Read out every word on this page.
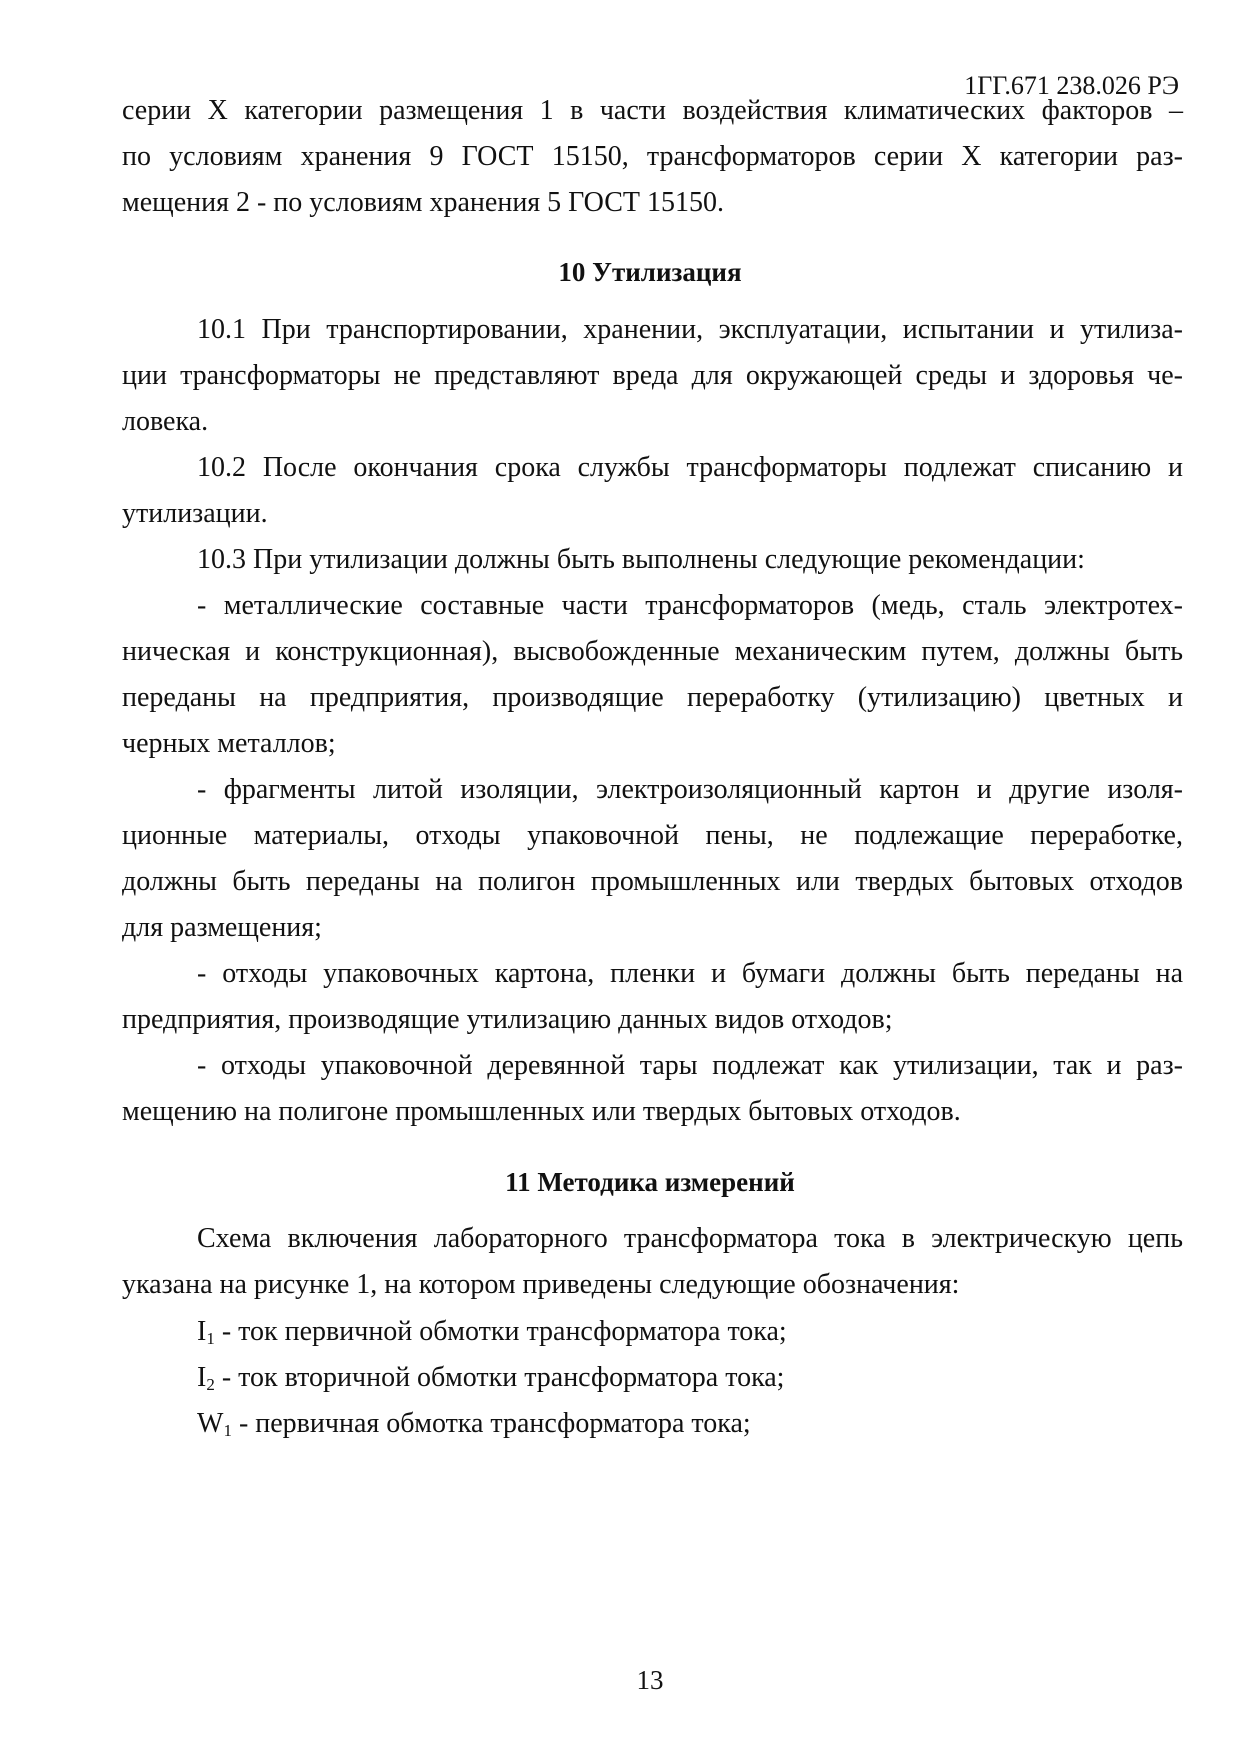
1ГГ.671 238.026 РЭ
серии Х категории размещения 1 в части воздействия климатических факторов –
по условиям хранения 9 ГОСТ 15150, трансформаторов серии Х категории раз-
мещения 2 - по условиям хранения 5 ГОСТ 15150.
10 Утилизация
10.1 При транспортировании, хранении, эксплуатации, испытании и утилиза-
ции трансформаторы не представляют вреда для окружающей среды и здоровья че-
ловека.
10.2 После окончания срока службы трансформаторы подлежат списанию и
утилизации.
10.3 При утилизации должны быть выполнены следующие рекомендации:
- металлические составные части трансформаторов (медь, сталь электротех-
ническая и конструкционная), высвобожденные механическим путем, должны быть
переданы на предприятия, производящие переработку (утилизацию) цветных и
черных металлов;
- фрагменты литой изоляции, электроизоляционный картон и другие изоля-
ционные материалы, отходы упаковочной пены, не подлежащие переработке,
должны быть переданы на полигон промышленных или твердых бытовых отходов
для размещения;
- отходы упаковочных картона, пленки и бумаги должны быть переданы на
предприятия, производящие утилизацию данных видов отходов;
- отходы упаковочной деревянной тары подлежат как утилизации, так и раз-
мещению на полигоне промышленных или твердых бытовых отходов.
11 Методика измерений
Схема включения лабораторного трансформатора тока в электрическую цепь
указана на рисунке 1, на котором приведены следующие обозначения:
$I_1$ - ток первичной обмотки трансформатора тока;
$I_2$ - ток вторичной обмотки трансформатора тока;
$W_1$ - первичная обмотка трансформатора тока;
13
